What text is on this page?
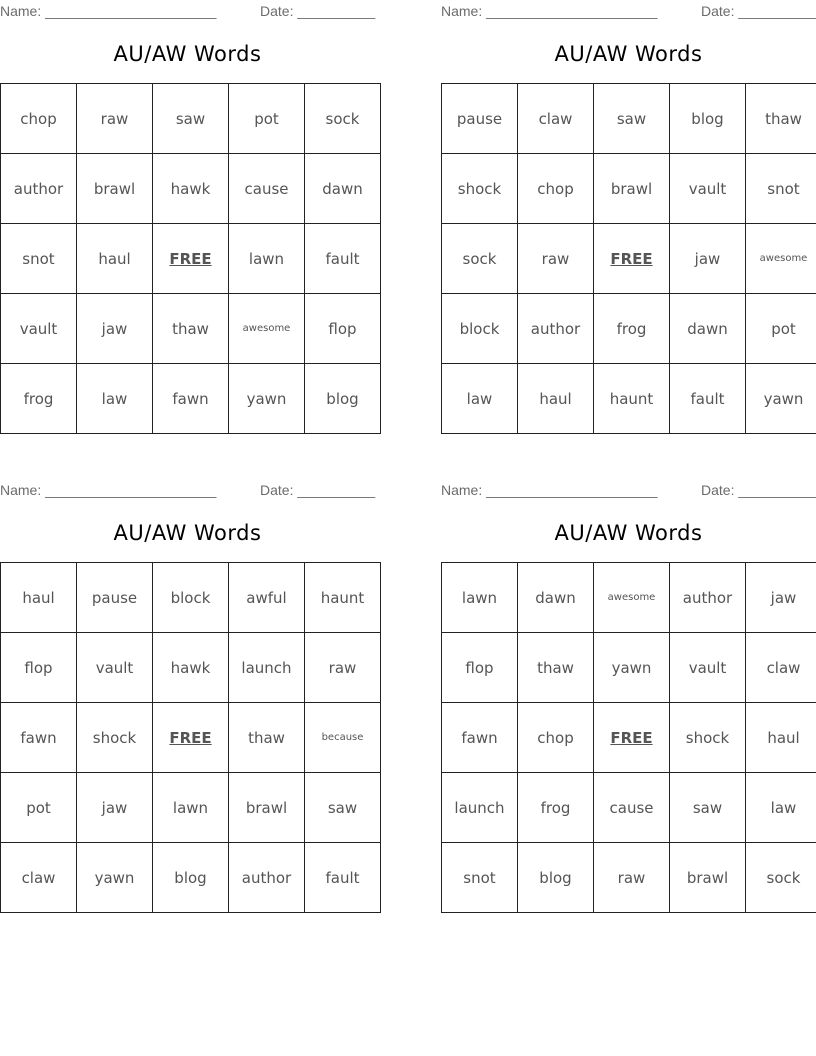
Name: ______________________	Date: __________
AU/AW Words
chop	raw	saw	pot	sock
author	brawl	hawk	cause	dawn
snot	haul	FREE	lawn	fault
vault	jaw	thaw	awesome	flop
frog	law	fawn	yawn	blog
Name: ______________________	Date: __________
AU/AW Words
pause	claw	saw	blog	thaw
shock	chop	brawl	vault	snot
sock	raw	FREE	jaw	awesome
block	author	frog	dawn	pot
law	haul	haunt	fault	yawn
Name: ______________________	Date: __________
AU/AW Words
haul	pause	block	awful	haunt
flop	vault	hawk	launch	raw
fawn	shock	FREE	thaw	because
pot	jaw	lawn	brawl	saw
claw	yawn	blog	author	fault
Name: ______________________	Date: __________
AU/AW Words
lawn	dawn	awesome	author	jaw
flop	thaw	yawn	vault	claw
fawn	chop	FREE	shock	haul
launch	frog	cause	saw	law
snot	blog	raw	brawl	sock
